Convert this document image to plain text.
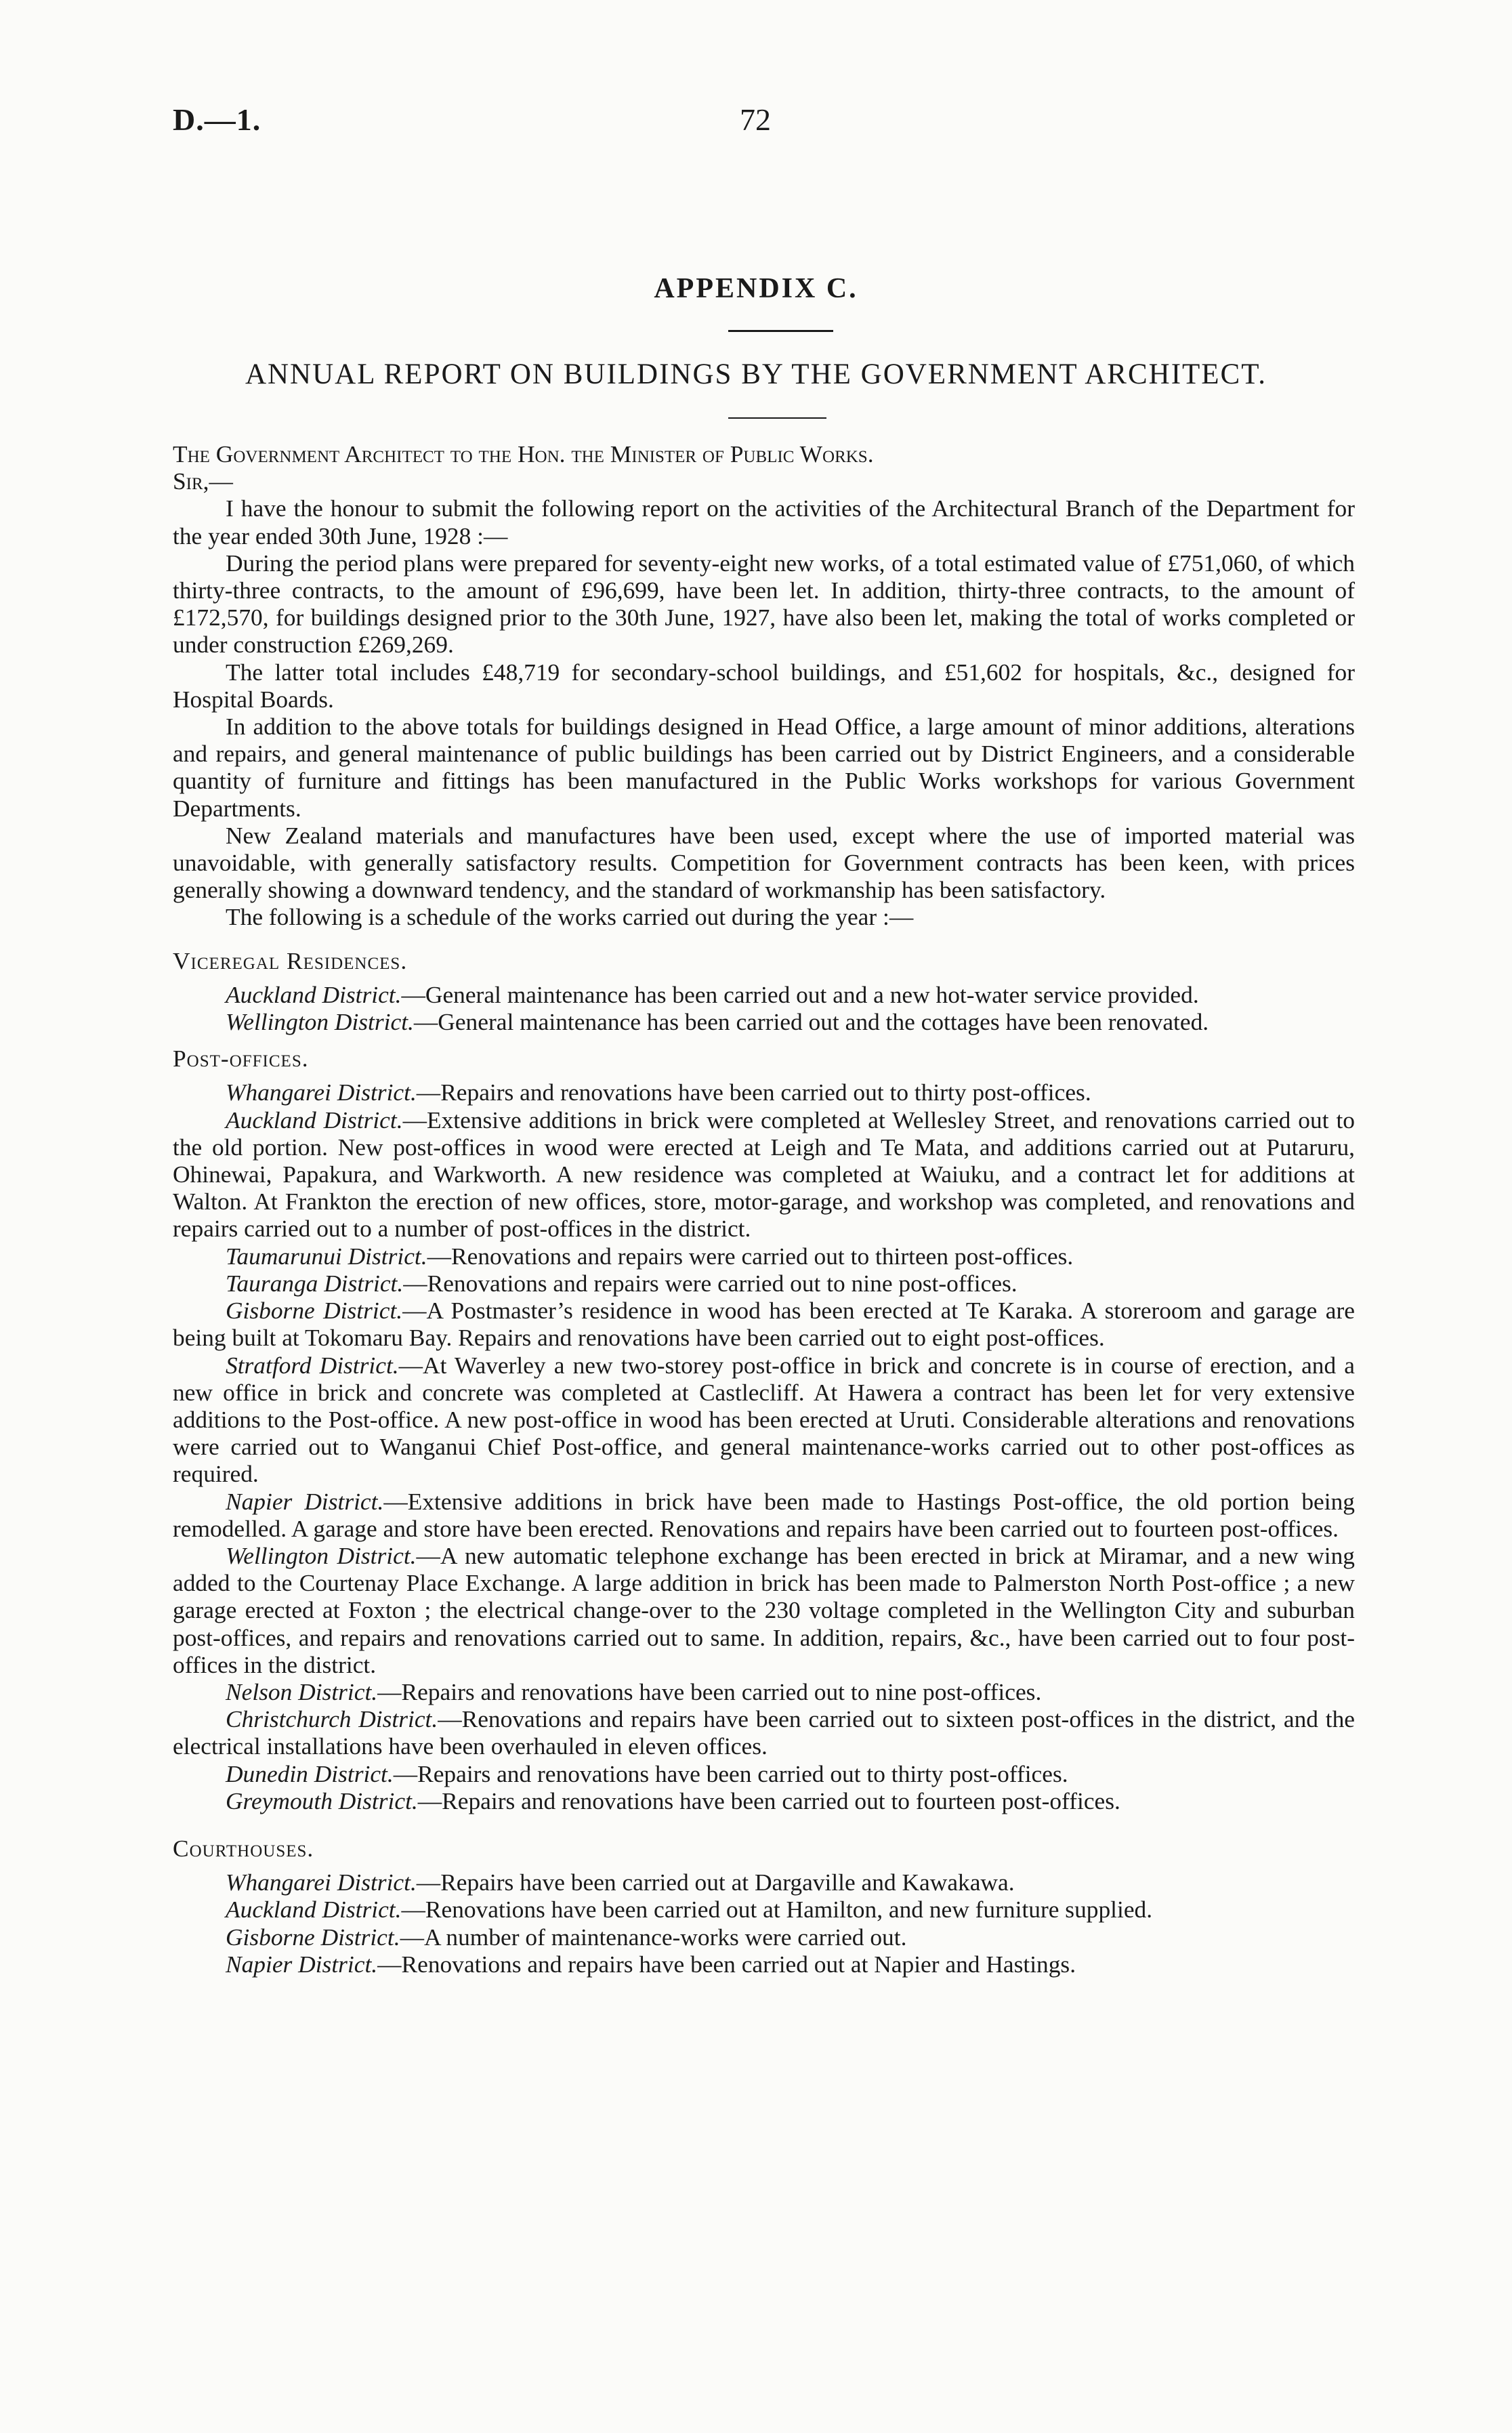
D.—1.	72
APPENDIX C.
ANNUAL REPORT ON BUILDINGS BY THE GOVERNMENT ARCHITECT.

The Government Architect to the Hon. the Minister of Public Works.

Sir,—

I have the honour to submit the following report on the activities of the Architectural Branch of the Department for the year ended 30th June, 1928 :—

During the period plans were prepared for seventy-eight new works, of a total estimated value of £751,060, of which thirty-three contracts, to the amount of £96,699, have been let. In addition, thirty-three contracts, to the amount of £172,570, for buildings designed prior to the 30th June, 1927, have also been let, making the total of works completed or under construction £269,269.

The latter total includes £48,719 for secondary-school buildings, and £51,602 for hospitals, &c., designed for Hospital Boards.

In addition to the above totals for buildings designed in Head Office, a large amount of minor additions, alterations and repairs, and general maintenance of public buildings has been carried out by District Engineers, and a considerable quantity of furniture and fittings has been manufactured in the Public Works workshops for various Government Departments.

New Zealand materials and manufactures have been used, except where the use of imported material was unavoidable, with generally satisfactory results. Competition for Government contracts has been keen, with prices generally showing a downward tendency, and the standard of workmanship has been satisfactory.

The following is a schedule of the works carried out during the year :—

Viceregal Residences.

Auckland District.—General maintenance has been carried out and a new hot-water service provided.

Wellington District.—General maintenance has been carried out and the cottages have been renovated.

Post-offices.

Whangarei District.—Repairs and renovations have been carried out to thirty post-offices.

Auckland District.—Extensive additions in brick were completed at Wellesley Street, and renovations carried out to the old portion. New post-offices in wood were erected at Leigh and Te Mata, and additions carried out at Putaruru, Ohinewai, Papakura, and Warkworth. A new residence was completed at Waiuku, and a contract let for additions at Walton. At Frankton the erection of new offices, store, motor-garage, and workshop was completed, and renovations and repairs carried out to a number of post-offices in the district.

Taumarunui District.—Renovations and repairs were carried out to thirteen post-offices.

Tauranga District.—Renovations and repairs were carried out to nine post-offices.

Gisborne District.—A Postmaster’s residence in wood has been erected at Te Karaka. A storeroom and garage are being built at Tokomaru Bay. Repairs and renovations have been carried out to eight post-offices.

Stratford District.—At Waverley a new two-storey post-office in brick and concrete is in course of erection, and a new office in brick and concrete was completed at Castlecliff. At Hawera a contract has been let for very extensive additions to the Post-office. A new post-office in wood has been erected at Uruti. Considerable alterations and renovations were carried out to Wanganui Chief Post-office, and general maintenance-works carried out to other post-offices as required.

Napier District.—Extensive additions in brick have been made to Hastings Post-office, the old portion being remodelled. A garage and store have been erected. Renovations and repairs have been carried out to fourteen post-offices.

Wellington District.—A new automatic telephone exchange has been erected in brick at Miramar, and a new wing added to the Courtenay Place Exchange. A large addition in brick has been made to Palmerston North Post-office ; a new garage erected at Foxton ; the electrical change-over to the 230 voltage completed in the Wellington City and suburban post-offices, and repairs and renovations carried out to same. In addition, repairs, &c., have been carried out to four post-offices in the district.

Nelson District.—Repairs and renovations have been carried out to nine post-offices.

Christchurch District.—Renovations and repairs have been carried out to sixteen post-offices in the district, and the electrical installations have been overhauled in eleven offices.

Dunedin District.—Repairs and renovations have been carried out to thirty post-offices.

Greymouth District.—Repairs and renovations have been carried out to fourteen post-offices.

Courthouses.

Whangarei District.—Repairs have been carried out at Dargaville and Kawakawa.

Auckland District.—Renovations have been carried out at Hamilton, and new furniture supplied.

Gisborne District.—A number of maintenance-works were carried out.

Napier District.—Renovations and repairs have been carried out at Napier and Hastings.
